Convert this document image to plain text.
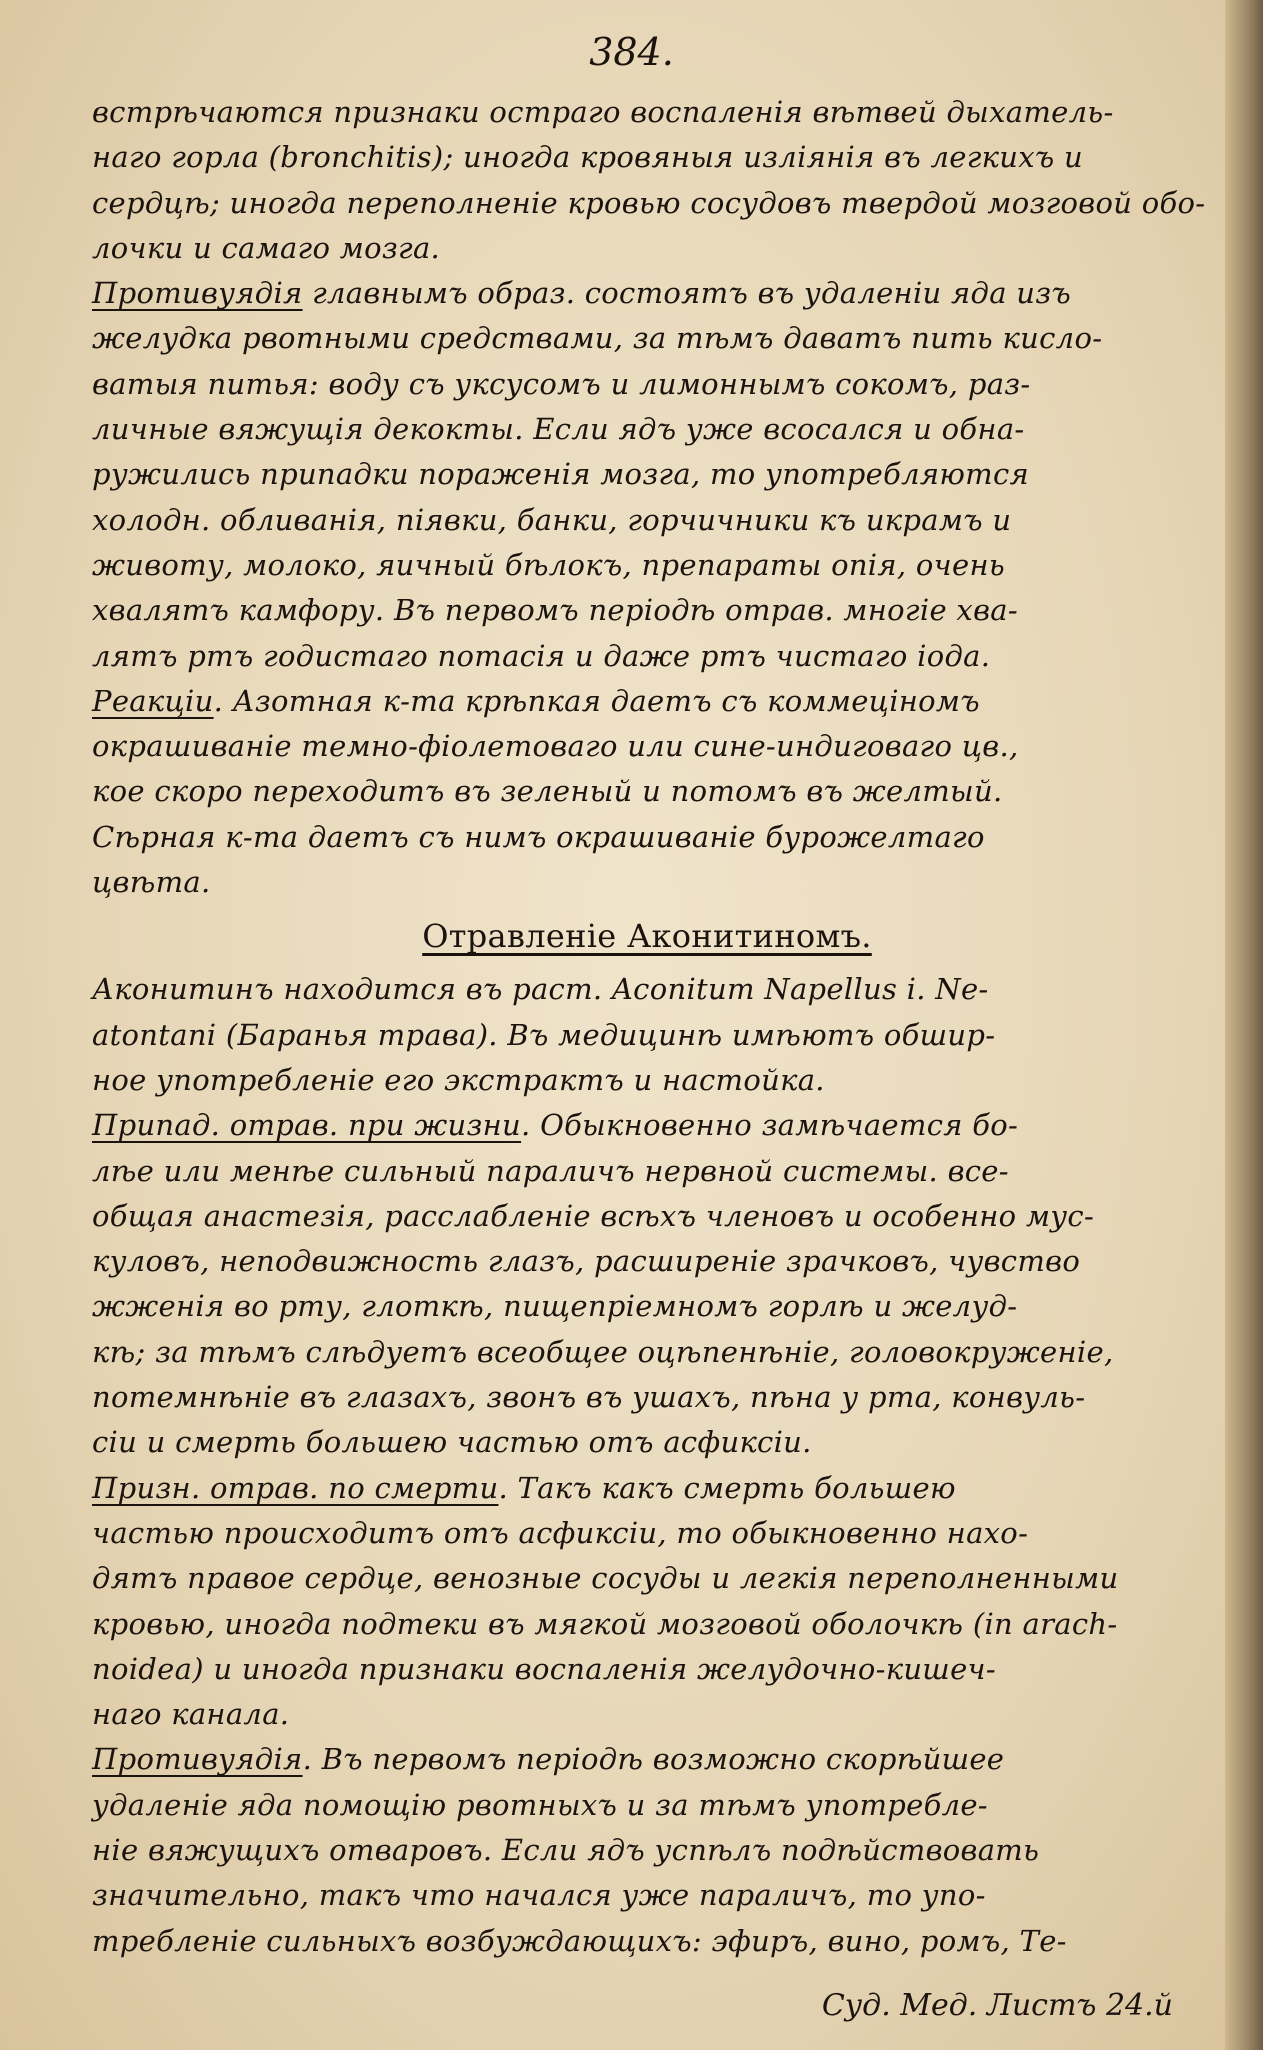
384.
встрѣчаются признаки остраго воспаленія вѣтвей дыхатель-
наго горла (bronchitis); иногда кровяныя изліянія въ легкихъ и
сердцѣ; иногда переполненіе кровью сосудовъ твердой мозговой обо-
лочки и самаго мозга.
Противуядія главнымъ образ. состоятъ въ удаленіи яда изъ
желудка рвотными средствами, за тѣмъ даватъ пить кисло-
ватыя питья: воду съ уксусомъ и лимоннымъ сокомъ, раз-
личные вяжущія декокты. Если ядъ уже всосался и обна-
ружились припадки пораженія мозга, то употребляются
холодн. обливанія, піявки, банки, горчичники къ икрамъ и
животу, молоко, яичный бѣлокъ, препараты опія, очень
хвалятъ камфору. Въ первомъ періодѣ отрав. многіе хва-
лятъ ртъ годистаго потасія и даже ртъ чистаго іода.
Реакціи. Азотная к-та крѣпкая даетъ съ коммеціномъ
окрашиваніе темно-фіолетоваго или сине-индиговаго цв.,
кое скоро переходитъ въ зеленый и потомъ въ желтый.
Сѣрная к-та даетъ съ нимъ окрашиваніе бурожелтаго
цвѣта.
Отравленіе Аконитиномъ.
Аконитинъ находится въ раст. Aconitum Napellus i. Ne-
atontani (Баранья трава). Въ медицинѣ имѣютъ обшир-
ное употребленіе его экстрактъ и настойка.
Припад. отрав. при жизни. Обыкновенно замѣчается бо-
лѣе или менѣе сильный параличъ нервной системы. все-
общая анастезія, расслабленіе всѣхъ членовъ и особенно мус-
куловъ, неподвижность глазъ, расширеніе зрачковъ, чувство
жженія во рту, глоткѣ, пищепріемномъ горлѣ и желуд-
кѣ; за тѣмъ слѣдуетъ всеобщее оцѣпенѣніе, головокруженіе,
потемнѣніе въ глазахъ, звонъ въ ушахъ, пѣна у рта, конвуль-
сіи и смерть большею частью отъ асфиксіи.
Призн. отрав. по смерти. Такъ какъ смерть большею
частью происходитъ отъ асфиксіи, то обыкновенно нахо-
дятъ правое сердце, венозные сосуды и легкія переполненными
кровью, иногда подтеки въ мягкой мозговой оболочкѣ (in arach-
noidea) и иногда признаки воспаленія желудочно-кишеч-
наго канала.
Противуядія. Въ первомъ періодѣ возможно скорѣйшее
удаленіе яда помощію рвотныхъ и за тѣмъ употребле-
ніе вяжущихъ отваровъ. Если ядъ успѣлъ подѣйствовать
значительно, такъ что начался уже параличъ, то упо-
требленіе сильныхъ возбуждающихъ: эфиръ, вино, ромъ, Те-
Суд. Мед. Листъ 24.й
